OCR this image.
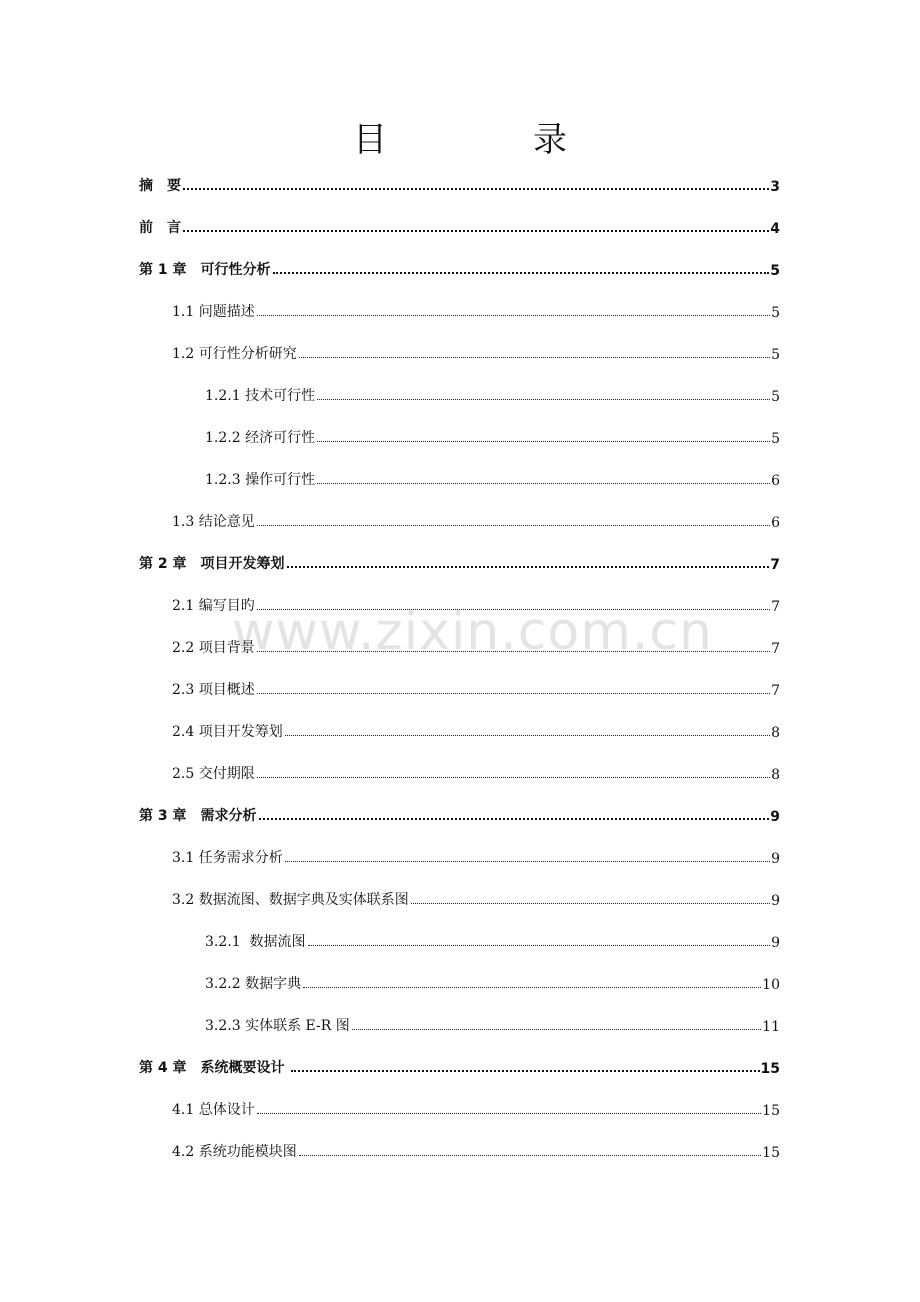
目　录
www.zixin.com.cn
摘　要	3
前　言	4
第 1 章　可行性分析	5
1.1 问题描述	5
1.2 可行性分析研究	5
1.2.1 技术可行性	5
1.2.2 经济可行性	5
1.2.3 操作可行性	6
1.3 结论意见	6
第 2 章　项目开发筹划	7
2.1 编写目旳	7
2.2 项目背景	7
2.3 项目概述	7
2.4 项目开发筹划	8
2.5 交付期限	8
第 3 章　需求分析	9
3.1 任务需求分析	9
3.2 数据流图、数据字典及实体联系图	9
3.2.1  数据流图	9
3.2.2 数据字典	10
3.2.3 实体联系 E-R 图	11
第 4 章　系统概要设计	15
4.1 总体设计	15
4.2 系统功能模块图	15
